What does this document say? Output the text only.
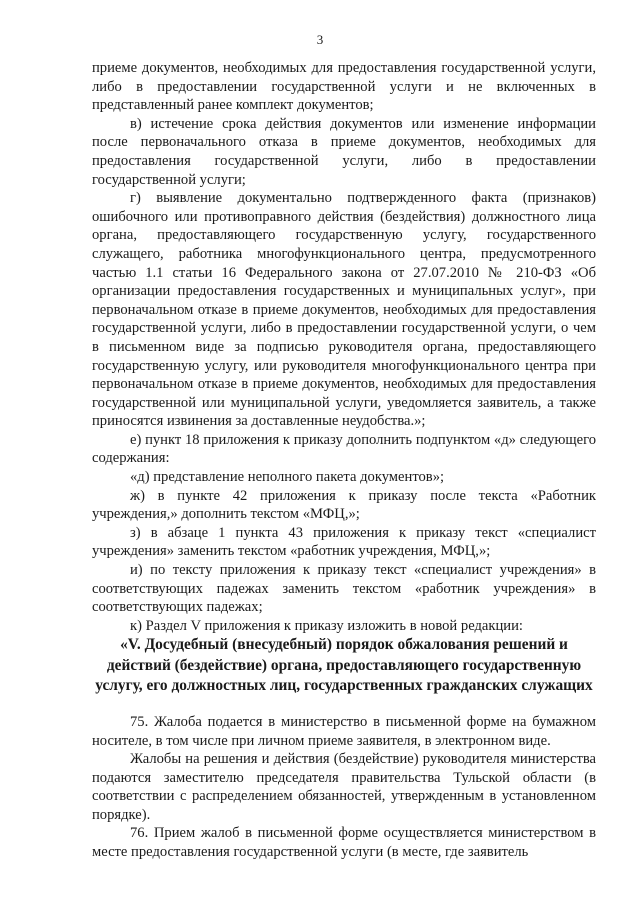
3

приеме документов, необходимых для предоставления государственной услуги, либо в предоставлении государственной услуги и не включенных в представленный ранее комплект документов;

в) истечение срока действия документов или изменение информации после первоначального отказа в приеме документов, необходимых для предоставления государственной услуги, либо в предоставлении государственной услуги;

г) выявление документально подтвержденного факта (признаков) ошибочного или противоправного действия (бездействия) должностного лица органа, предоставляющего государственную услугу, государственного служащего, работника многофункционального центра, предусмотренного частью 1.1 статьи 16 Федерального закона от 27.07.2010 № 210-ФЗ «Об организации предоставления государственных и муниципальных услуг», при первоначальном отказе в приеме документов, необходимых для предоставления государственной услуги, либо в предоставлении государственной услуги, о чем в письменном виде за подписью руководителя органа, предоставляющего государственную услугу, или руководителя многофункционального центра при первоначальном отказе в приеме документов, необходимых для предоставления государственной или муниципальной услуги, уведомляется заявитель, а также приносятся извинения за доставленные неудобства.»;

е) пункт 18 приложения к приказу дополнить подпунктом «д» следующего содержания:

«д) представление неполного пакета документов»;

ж) в пункте 42 приложения к приказу после текста «Работник учреждения,» дополнить текстом «МФЦ,»;

з) в абзаце 1 пункта 43 приложения к приказу текст «специалист учреждения» заменить текстом «работник учреждения, МФЦ,»;

и) по тексту приложения к приказу текст «специалист учреждения» в соответствующих падежах заменить текстом «работник учреждения» в соответствующих падежах;

к) Раздел V приложения к приказу изложить в новой редакции:

«V. Досудебный (внесудебный) порядок обжалования решений и действий (бездействие) органа, предоставляющего государственную услугу, его должностных лиц, государственных гражданских служащих

75. Жалоба подается в министерство в письменной форме на бумажном носителе, в том числе при личном приеме заявителя, в электронном виде.

Жалобы на решения и действия (бездействие) руководителя министерства подаются заместителю председателя правительства Тульской области (в соответствии с распределением обязанностей, утвержденным в установленном порядке).

76. Прием жалоб в письменной форме осуществляется министерством в месте предоставления государственной услуги (в месте, где заявитель
